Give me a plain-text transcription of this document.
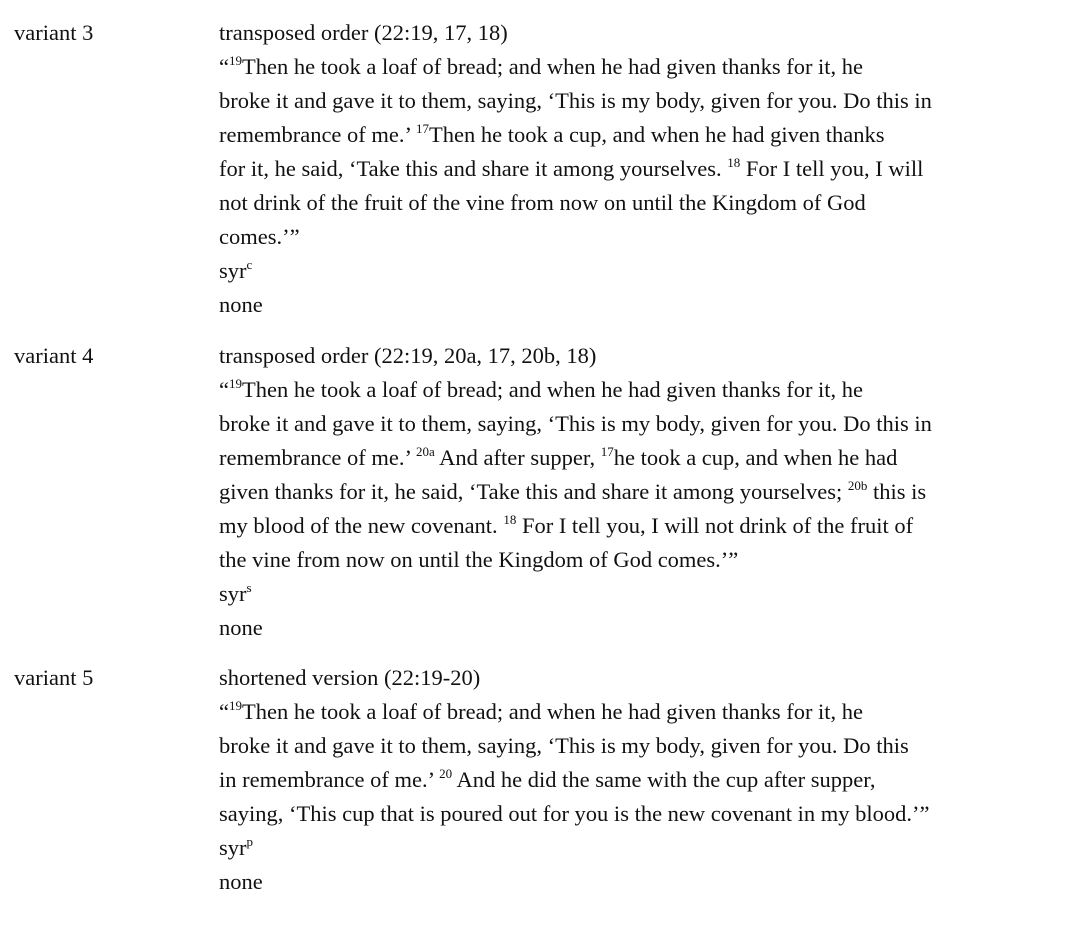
variant 3	transposed order (22:19, 17, 18)
“$^{19}$Then he took a loaf of bread; and when he had given thanks for it, he
broke it and gave it to them, saying, ‘This is my body, given for you. Do this in
remembrance of me.’ $^{17}$Then he took a cup, and when he had given thanks
for it, he said, ‘Take this and share it among yourselves. $^{18}$ For I tell you, I will
not drink of the fruit of the vine from now on until the Kingdom of God
comes.’”
syr$^c$
none
variant 4	transposed order (22:19, 20a, 17, 20b, 18)
“$^{19}$Then he took a loaf of bread; and when he had given thanks for it, he
broke it and gave it to them, saying, ‘This is my body, given for you. Do this in
remembrance of me.’ $^{20a}$ And after supper, $^{17}$he took a cup, and when he had
given thanks for it, he said, ‘Take this and share it among yourselves; $^{20b}$ this is
my blood of the new covenant. $^{18}$ For I tell you, I will not drink of the fruit of
the vine from now on until the Kingdom of God comes.’”
syr$^s$
none
variant 5	shortened version (22:19-20)
“$^{19}$Then he took a loaf of bread; and when he had given thanks for it, he
broke it and gave it to them, saying, ‘This is my body, given for you. Do this
in remembrance of me.’ $^{20}$ And he did the same with the cup after supper,
saying, ‘This cup that is poured out for you is the new covenant in my blood.’”
syr$^p$
none
